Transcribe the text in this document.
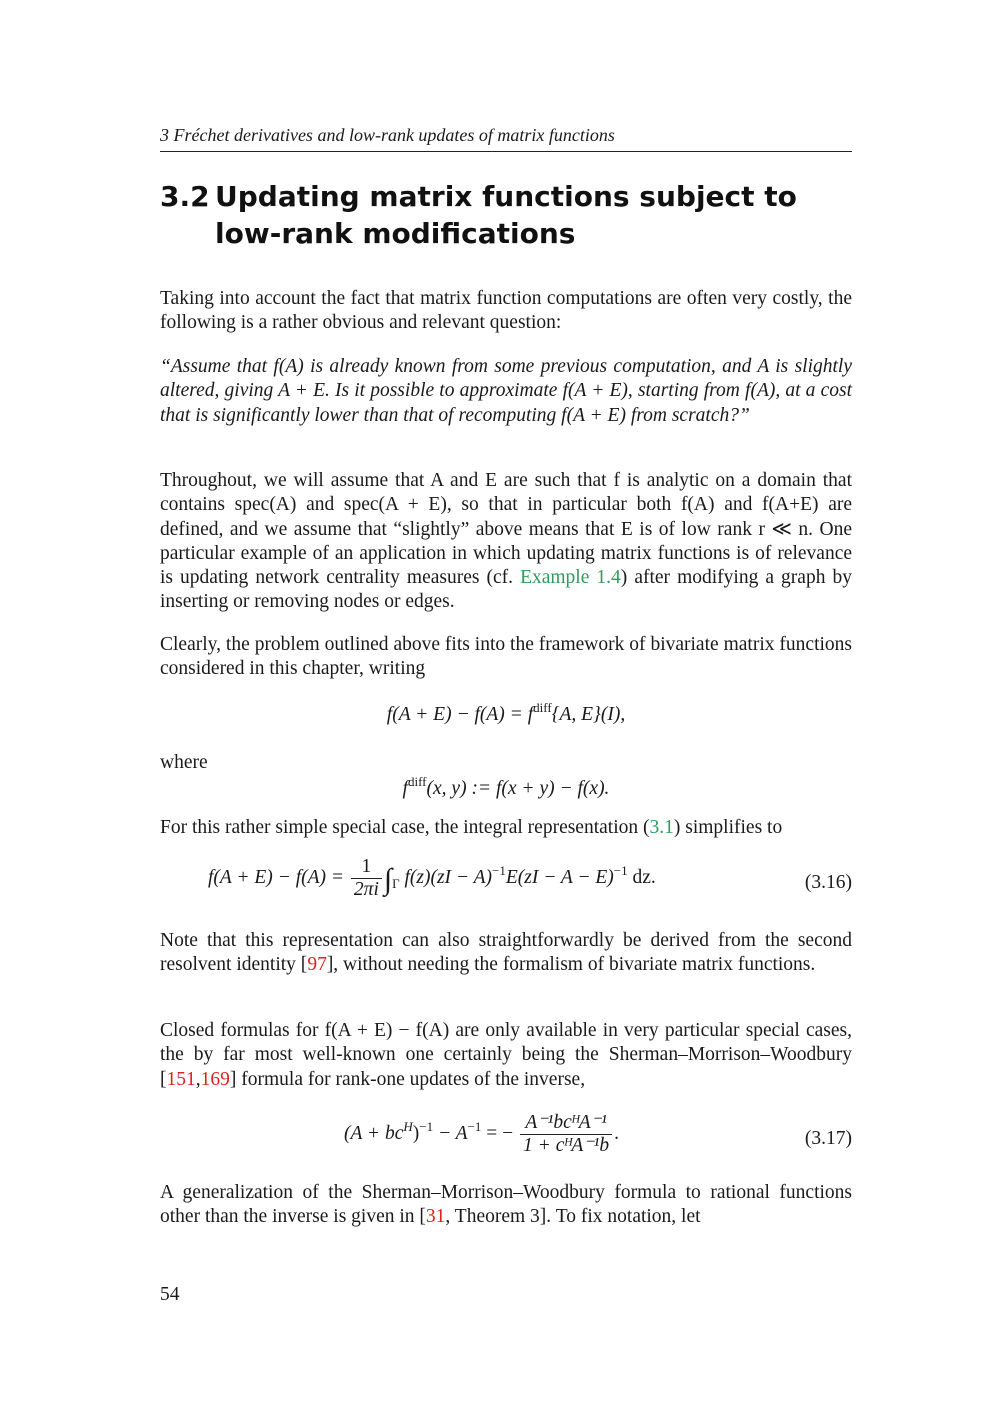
3 Fréchet derivatives and low-rank updates of matrix functions
3.2 Updating matrix functions subject to low-rank modifications

Taking into account the fact that matrix function computations are often very costly, the following is a rather obvious and relevant question:

“Assume that f(A) is already known from some previous computation, and A is slightly altered, giving A + E. Is it possible to approximate f(A + E), starting from f(A), at a cost that is significantly lower than that of recomputing f(A + E) from scratch?”

Throughout, we will assume that A and E are such that f is analytic on a domain that contains spec(A) and spec(A + E), so that in particular both f(A) and f(A+E) are defined, and we assume that “slightly” above means that E is of low rank r ≪ n. One particular example of an application in which updating matrix functions is of relevance is updating network centrality measures (cf. Example 1.4) after modifying a graph by inserting or removing nodes or edges.

Clearly, the problem outlined above fits into the framework of bivariate matrix functions considered in this chapter, writing

$f(A + E) - f(A) = f^{diff}\{A$, E}(I),

where

$f^{diff}(x$, y) := f(x + y) − f(x).

For this rather simple special case, the integral representation (3.1) simplifies to

$f(A + E) - f(A) = \frac{1}{2\pi i} \int_\Gamma$ f(z)(zI − A)$^{-1}$E(zI − A − E)$^{-1}$ dz.	(3.16)

Note that this representation can also straightforwardly be derived from the second resolvent identity [97], without needing the formalism of bivariate matrix functions.

Closed formulas for f(A + E) − f(A) are only available in very particular special cases, the by far most well-known one certainly being the Sherman–Morrison–Woodbury [151,169] formula for rank-one updates of the inverse,

$(A + bc^H)^{-1} - A^{-1}$ = − $\frac{\text{A⁻¹bcᴴA⁻¹}}{\text{1 + cᴴA⁻¹b}}$ .	(3.17)

A generalization of the Sherman–Morrison–Woodbury formula to rational functions other than the inverse is given in [31, Theorem 3]. To fix notation, let

54
